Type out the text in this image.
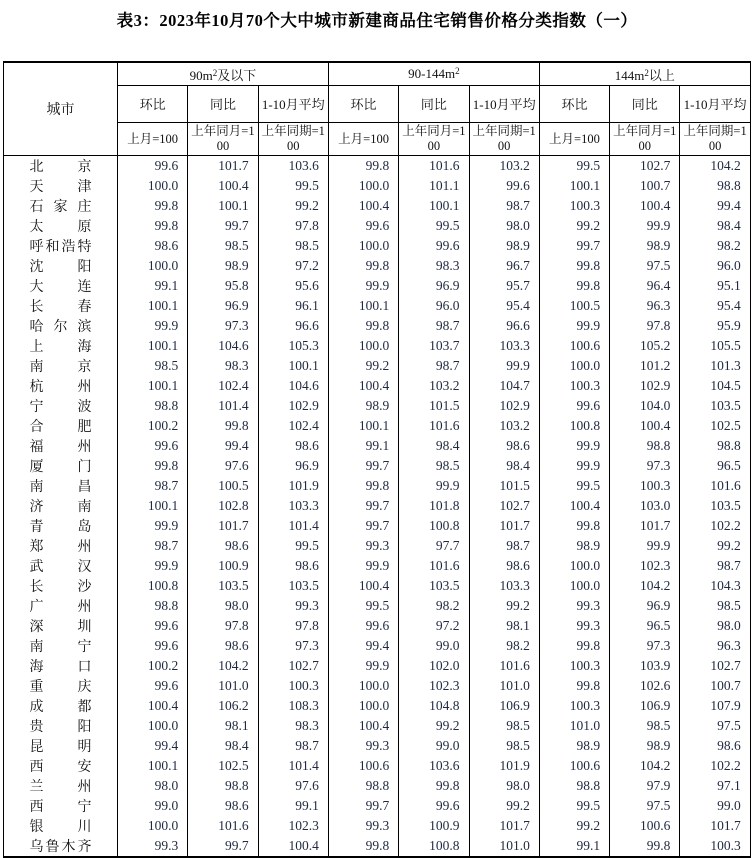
表3：2023年10月70个大中城市新建商品住宅销售价格分类指数（一）
城市	$90m^2$及以下			$90-144m^2$			$144m^2$以上		
	环比	同比	1-10月平均	环比	同比	1-10月平均	环比	同比	1-10月平均
	上月=100	上年同月=100	上年同期=100	上月=100	上年同月=100	上年同期=100	上月=100	上年同月=100	上年同期=100
北京	99.6	101.7	103.6	99.8	101.6	103.2	99.5	102.7	104.2
天津	100.0	100.4	99.5	100.0	101.1	99.6	100.1	100.7	98.8
石家庄	99.8	100.1	99.2	100.4	100.1	98.7	100.3	100.4	99.4
太原	99.8	99.7	97.8	99.6	99.5	98.0	99.2	99.9	98.4
呼和浩特	98.6	98.5	98.5	100.0	99.6	98.9	99.7	98.9	98.2
沈阳	100.0	98.9	97.2	99.8	98.3	96.7	99.8	97.5	96.0
大连	99.1	95.8	95.6	99.9	96.9	95.7	99.8	96.4	95.1
长春	100.1	96.9	96.1	100.1	96.0	95.4	100.5	96.3	95.4
哈尔滨	99.9	97.3	96.6	99.8	98.7	96.6	99.9	97.8	95.9
上海	100.1	104.6	105.3	100.0	103.7	103.3	100.6	105.2	105.5
南京	98.5	98.3	100.1	99.2	98.7	99.9	100.0	101.2	101.3
杭州	100.1	102.4	104.6	100.4	103.2	104.7	100.3	102.9	104.5
宁波	98.8	101.4	102.9	98.9	101.5	102.9	99.6	104.0	103.5
合肥	100.2	99.8	102.4	100.1	101.6	103.2	100.8	100.4	102.5
福州	99.6	99.4	98.6	99.1	98.4	98.6	99.9	98.8	98.8
厦门	99.8	97.6	96.9	99.7	98.5	98.4	99.9	97.3	96.5
南昌	98.7	100.5	101.9	99.8	99.9	101.5	99.5	100.3	101.6
济南	100.1	102.8	103.3	99.7	101.8	102.7	100.4	103.0	103.5
青岛	99.9	101.7	101.4	99.7	100.8	101.7	99.8	101.7	102.2
郑州	98.7	98.6	99.5	99.3	97.7	98.7	98.9	99.9	99.2
武汉	99.9	100.9	98.6	99.9	101.6	98.6	100.0	102.3	98.7
长沙	100.8	103.5	103.5	100.4	103.5	103.3	100.0	104.2	104.3
广州	98.8	98.0	99.3	99.5	98.2	99.2	99.3	96.9	98.5
深圳	99.6	97.8	97.8	99.6	97.2	98.1	99.3	96.5	98.0
南宁	99.6	98.6	97.3	99.4	99.0	98.2	99.8	97.3	96.3
海口	100.2	104.2	102.7	99.9	102.0	101.6	100.3	103.9	102.7
重庆	99.6	101.0	100.3	100.0	102.3	101.0	99.8	102.6	100.7
成都	100.4	106.2	108.3	100.0	104.8	106.9	100.3	106.9	107.9
贵阳	100.0	98.1	98.3	100.4	99.2	98.5	101.0	98.5	97.5
昆明	99.4	98.4	98.7	99.3	99.0	98.5	98.9	98.9	98.6
西安	100.1	102.5	101.4	100.6	103.6	101.9	100.6	104.2	102.2
兰州	98.0	98.8	97.6	98.8	99.8	98.0	98.8	97.9	97.1
西宁	99.0	98.6	99.1	99.7	99.6	99.2	99.5	97.5	99.0
银川	100.0	101.6	102.3	99.3	100.9	101.7	99.2	100.6	101.7
乌鲁木齐	99.3	99.7	100.4	99.8	100.8	101.0	99.1	99.8	100.3
